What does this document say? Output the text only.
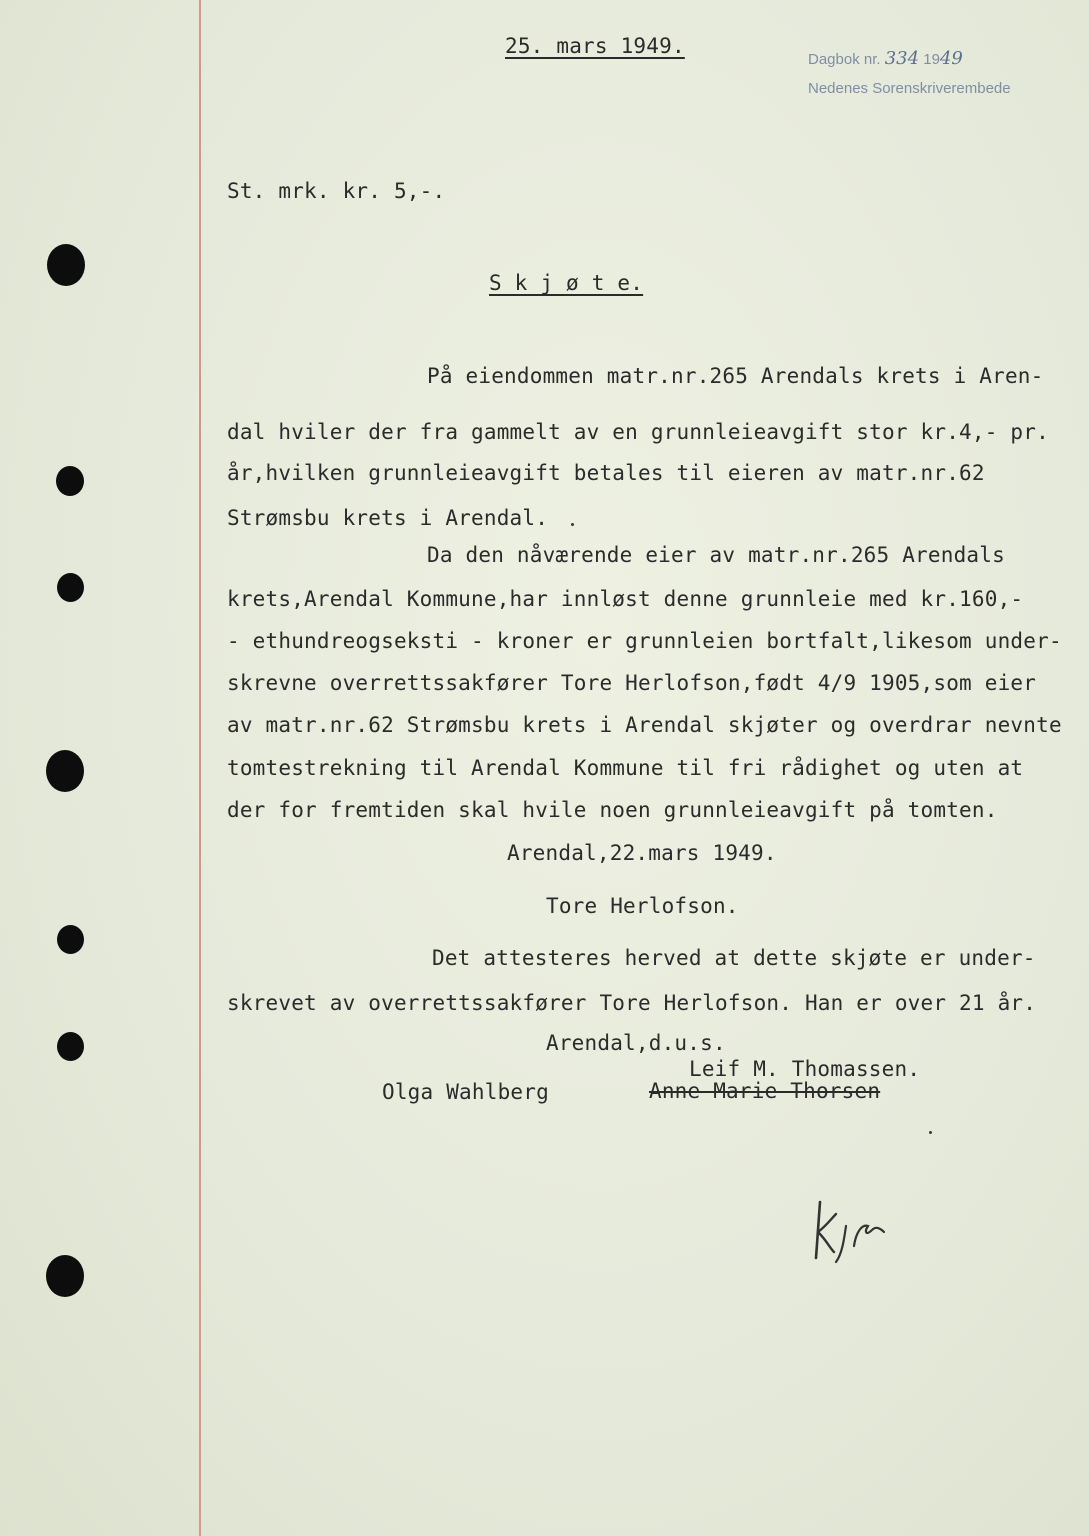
25. mars 1949.
Dagbok nr. 334 1949
Nedenes Sorenskriverembede
St. mrk. kr. 5,-.
S k j ø t e.
På eiendommen matr.nr.265 Arendals krets i Aren-
dal hviler der fra gammelt av en grunnleieavgift stor kr.4,- pr.
år,hvilken grunnleieavgift betales til eieren av matr.nr.62
Strømsbu krets i Arendal.
Da den nåværende eier av matr.nr.265 Arendals
krets,Arendal Kommune,har innløst denne grunnleie med kr.160,-
- ethundreogseksti - kroner er grunnleien bortfalt,likesom under-
skrevne overrettssakfører Tore Herlofson,født 4/9 1905,som eier
av matr.nr.62 Strømsbu krets i Arendal skjøter og overdrar nevnte
tomtestrekning til Arendal Kommune til fri rådighet og uten at
der for fremtiden skal hvile noen grunnleieavgift på tomten.
Arendal,22.mars 1949.
Tore Herlofson.
Det attesteres herved at dette skjøte er under-
skrevet av overrettssakfører Tore Herlofson. Han er over 21 år.
Arendal,d.u.s.
Leif M. Thomassen.
Olga Wahlberg	Anne-Marie Thorsen
